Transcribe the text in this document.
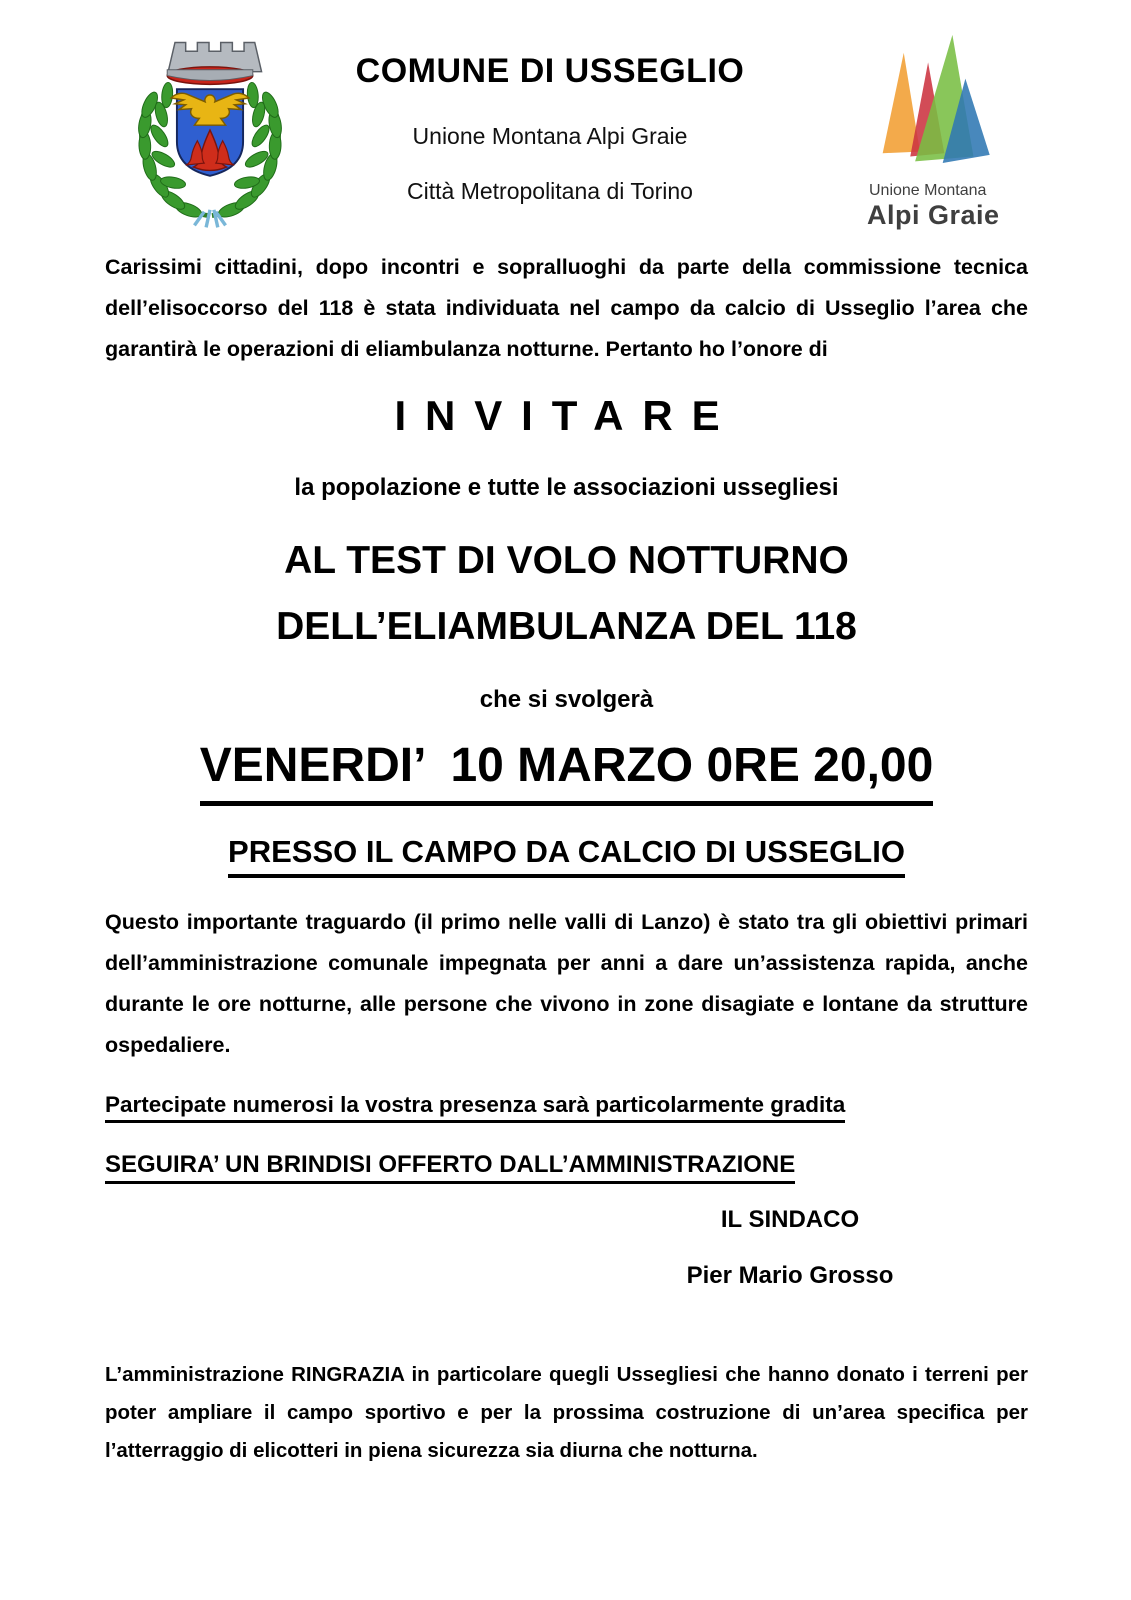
COMUNE DI USSEGLIO
Unione Montana Alpi Graie
Città Metropolitana di Torino	Unione Montana
Alpi Graie

Carissimi cittadini, dopo incontri e sopralluoghi da parte della commissione tecnica dell’elisoccorso del 118 è stata individuata nel campo da calcio di Usseglio l’area che garantirà le operazioni di eliambulanza notturne. Pertanto ho l’onore di

INVITARE
la popolazione e tutte le associazioni ussegliesi
AL TEST DI VOLO NOTTURNO
DELL’ELIAMBULANZA DEL 118
che si svolgerà
VENERDI’  10 MARZO 0RE 20,00
PRESSO IL CAMPO DA CALCIO DI USSEGLIO

Questo importante traguardo (il primo nelle valli di Lanzo) è stato tra gli obiettivi primari dell’amministrazione comunale impegnata per anni a dare un’assistenza rapida, anche durante le ore notturne, alle persone che vivono in zone disagiate e lontane da strutture ospedaliere.

Partecipate numerosi la vostra presenza sarà particolarmente gradita
SEGUIRA’ UN BRINDISI OFFERTO DALL’AMMINISTRAZIONE
IL SINDACO
Pier Mario Grosso

L’amministrazione RINGRAZIA in particolare quegli Ussegliesi che hanno donato i terreni per poter ampliare il campo sportivo e per la prossima costruzione di un’area specifica per l’atterraggio di elicotteri in piena sicurezza sia diurna che notturna.
